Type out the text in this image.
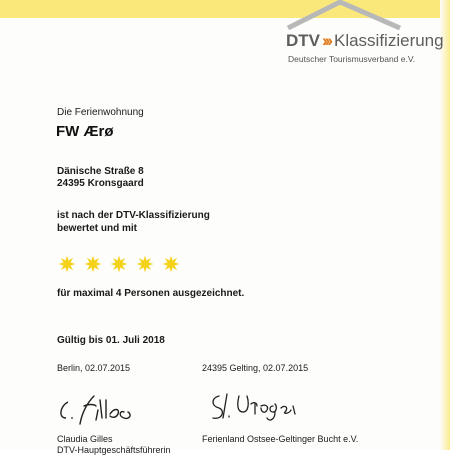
DTV ››› Klassifizierung
Deutscher Tourismusverband e.V.
Die Ferienwohnung
FW Ærø
Dänische Straße 8
24395 Kronsgaard
ist nach der DTV-Klassifizierung
bewertet und mit
für maximal 4 Personen ausgezeichnet.
Gültig bis 01. Juli 2018
Berlin, 02.07.2015	24395 Gelting, 02.07.2015
Claudia Gilles
DTV-Hauptgeschäftsführerin
Ferienland Ostsee-Geltinger Bucht e.V.
